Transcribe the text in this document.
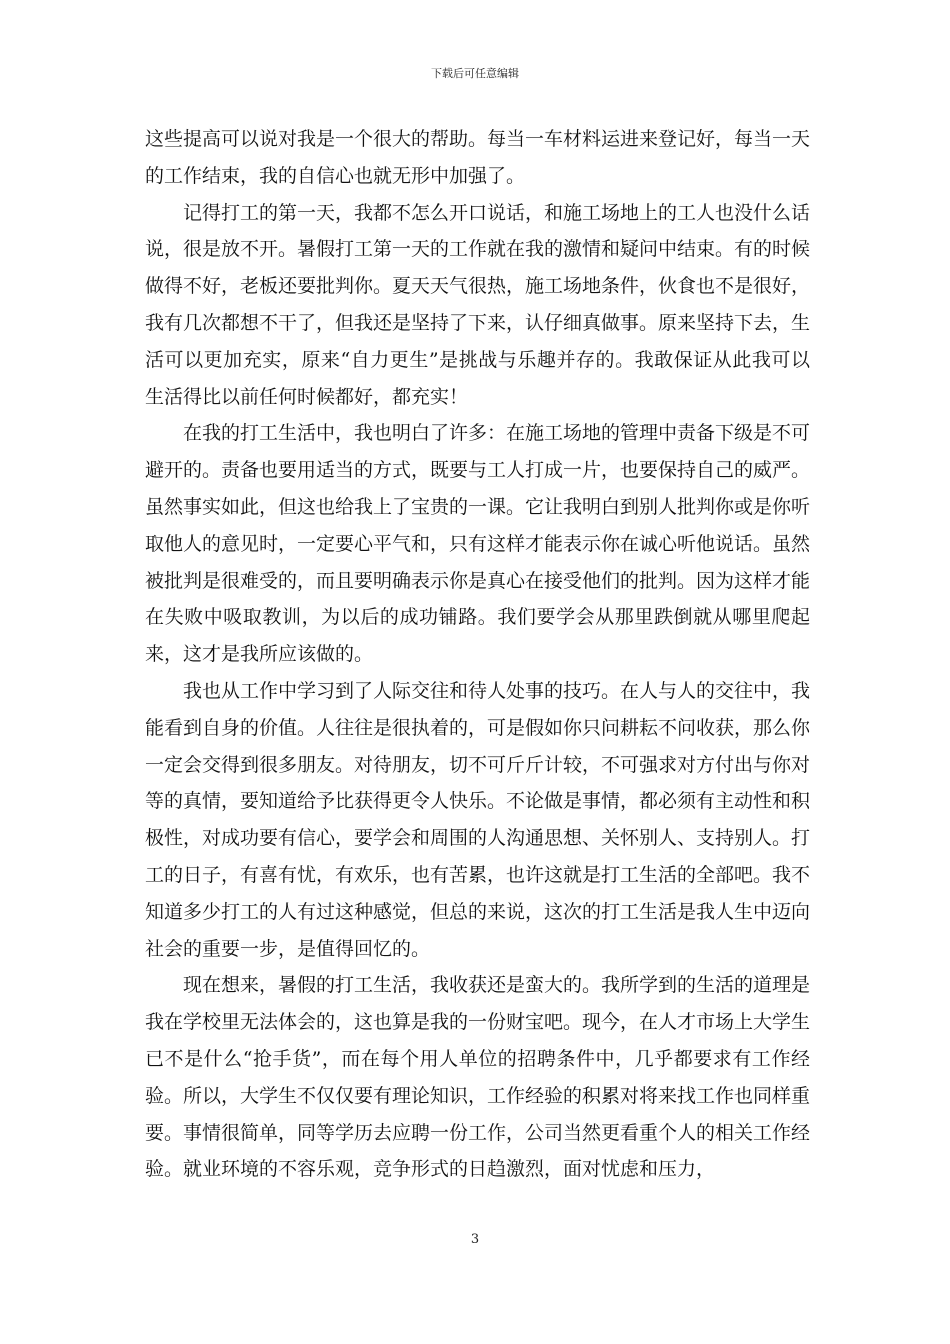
下载后可任意编辑

这些提高可以说对我是一个很大的帮助。每当一车材料运进来登记好，每当一天的工作结束，我的自信心也就无形中加强了。

记得打工的第一天，我都不怎么开口说话，和施工场地上的工人也没什么话说，很是放不开。暑假打工第一天的工作就在我的激情和疑问中结束。有的时候做得不好，老板还要批判你。夏天天气很热，施工场地条件，伙食也不是很好，我有几次都想不干了，但我还是坚持了下来，认仔细真做事。原来坚持下去，生活可以更加充实，原来“自力更生”是挑战与乐趣并存的。我敢保证从此我可以生活得比以前任何时候都好，都充实！

在我的打工生活中，我也明白了许多：在施工场地的管理中责备下级是不可避开的。责备也要用适当的方式，既要与工人打成一片，也要保持自己的威严。虽然事实如此，但这也给我上了宝贵的一课。它让我明白到别人批判你或是你听取他人的意见时，一定要心平气和，只有这样才能表示你在诚心听他说话。虽然被批判是很难受的，而且要明确表示你是真心在接受他们的批判。因为这样才能在失败中吸取教训，为以后的成功铺路。我们要学会从那里跌倒就从哪里爬起来，这才是我所应该做的。

我也从工作中学习到了人际交往和待人处事的技巧。在人与人的交往中，我能看到自身的价值。人往往是很执着的，可是假如你只问耕耘不问收获，那么你一定会交得到很多朋友。对待朋友，切不可斤斤计较，不可强求对方付出与你对等的真情，要知道给予比获得更令人快乐。不论做是事情，都必须有主动性和积极性，对成功要有信心，要学会和周围的人沟通思想、关怀别人、支持别人。打工的日子，有喜有忧，有欢乐，也有苦累，也许这就是打工生活的全部吧。我不知道多少打工的人有过这种感觉，但总的来说，这次的打工生活是我人生中迈向社会的重要一步，是值得回忆的。

现在想来，暑假的打工生活，我收获还是蛮大的。我所学到的生活的道理是我在学校里无法体会的，这也算是我的一份财宝吧。现今，在人才市场上大学生已不是什么“抢手货”，而在每个用人单位的招聘条件中，几乎都要求有工作经验。所以，大学生不仅仅要有理论知识，工作经验的积累对将来找工作也同样重要。事情很简单，同等学历去应聘一份工作，公司当然更看重个人的相关工作经验。就业环境的不容乐观，竞争形式的日趋激烈，面对忧虑和压力，

3
